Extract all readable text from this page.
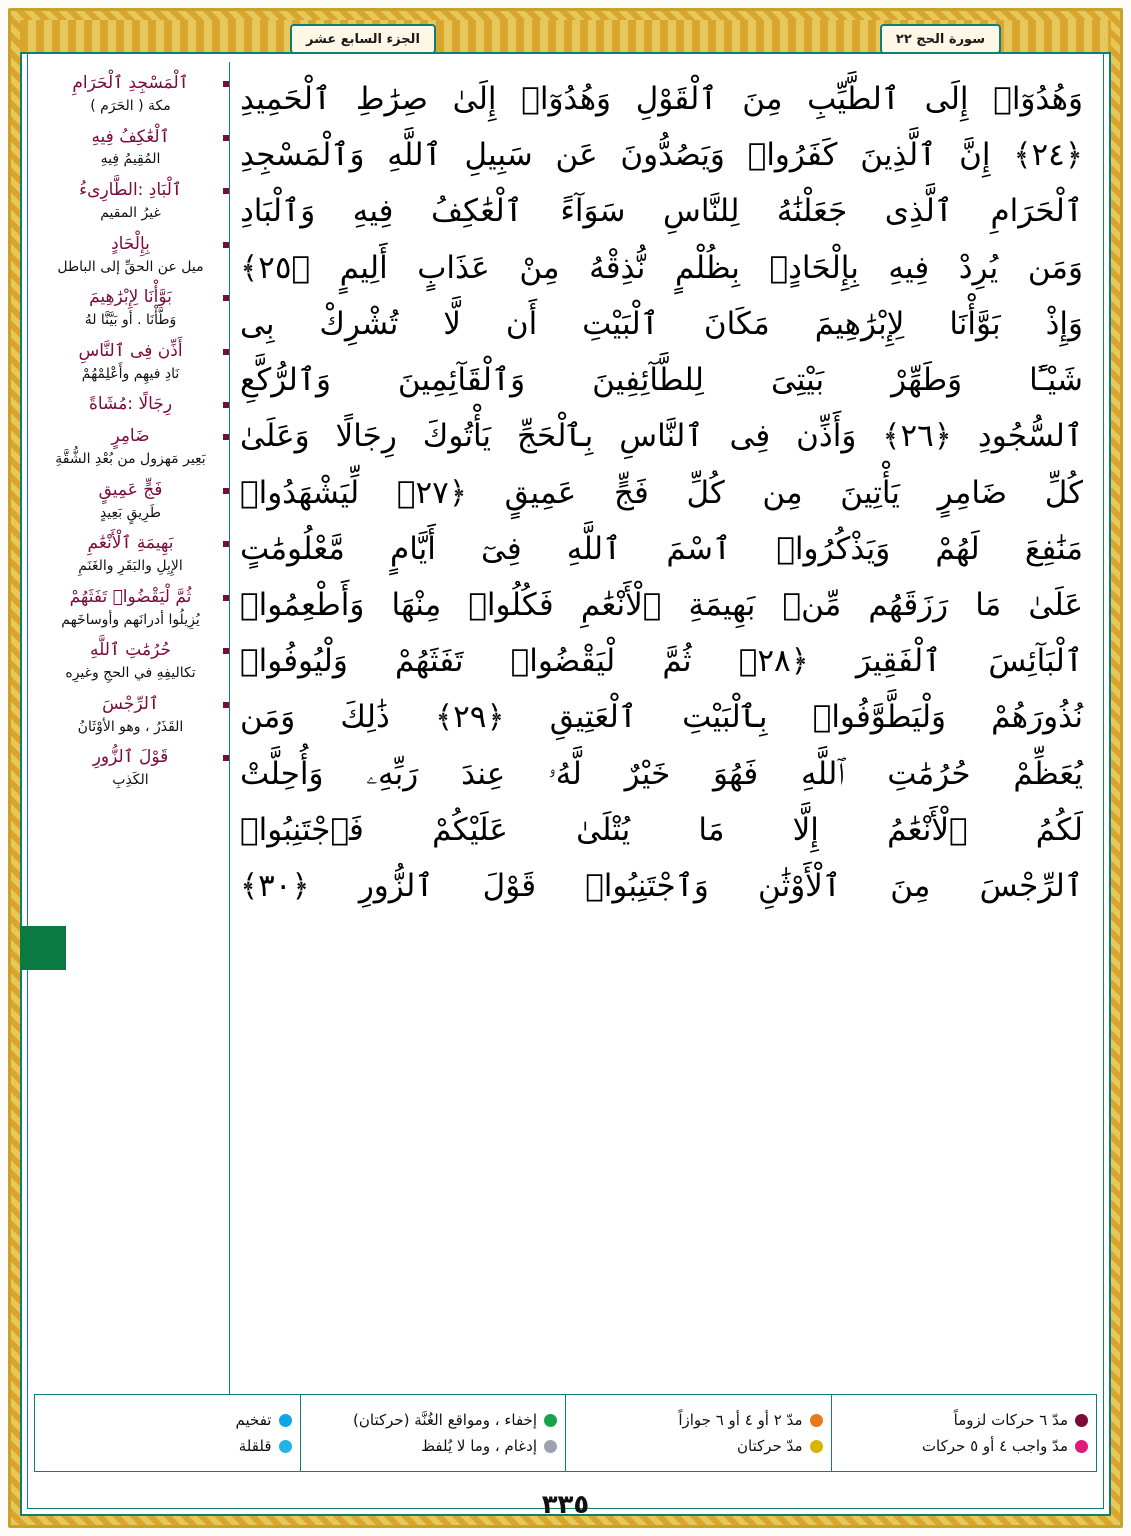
سورة الحج ٢٢
الجزء السابع عشر
وَهُدُوٓا۟ إِلَى ٱلطَّيِّبِ مِنَ ٱلْقَوْلِ وَهُدُوٓا۟ إِلَىٰ صِرَٰطِ ٱلْحَمِيدِ
﴿٢٤﴾ إِنَّ ٱلَّذِينَ كَفَرُوا۟ وَيَصُدُّونَ عَن سَبِيلِ ٱللَّهِ وَٱلْمَسْجِدِ
ٱلْحَرَامِ ٱلَّذِى جَعَلْنَٰهُ لِلنَّاسِ سَوَآءً ٱلْعَٰكِفُ فِيهِ وَٱلْبَادِ
وَمَن يُرِدْ فِيهِ بِإِلْحَادٍۭ بِظُلْمٍ نُّذِقْهُ مِنْ عَذَابٍ أَلِيمٍ ﴿٢٥﴾
وَإِذْ بَوَّأْنَا لِإِبْرَٰهِيمَ مَكَانَ ٱلْبَيْتِ أَن لَّا تُشْرِكْ بِى
شَيْـًٔا وَطَهِّرْ بَيْتِىَ لِلطَّآئِفِينَ وَٱلْقَآئِمِينَ وَٱلرُّكَّعِ
ٱلسُّجُودِ ﴿٢٦﴾ وَأَذِّن فِى ٱلنَّاسِ بِٱلْحَجِّ يَأْتُوكَ رِجَالًا وَعَلَىٰ
كُلِّ ضَامِرٍ يَأْتِينَ مِن كُلِّ فَجٍّ عَمِيقٍ ﴿٢٧﴾ لِّيَشْهَدُوا۟
مَنَٰفِعَ لَهُمْ وَيَذْكُرُوا۟ ٱسْمَ ٱللَّهِ فِىٓ أَيَّامٍ مَّعْلُومَٰتٍ
عَلَىٰ مَا رَزَقَهُم مِّنۢ بَهِيمَةِ ٱلْأَنْعَٰمِ فَكُلُوا۟ مِنْهَا وَأَطْعِمُوا۟
ٱلْبَآئِسَ ٱلْفَقِيرَ ﴿٢٨﴾ ثُمَّ لْيَقْضُوا۟ تَفَثَهُمْ وَلْيُوفُوا۟
نُذُورَهُمْ وَلْيَطَّوَّفُوا۟ بِٱلْبَيْتِ ٱلْعَتِيقِ ﴿٢٩﴾ ذَٰلِكَ وَمَن
يُعَظِّمْ حُرُمَٰتِ ٱللَّهِ فَهُوَ خَيْرٌ لَّهُۥ عِندَ رَبِّهِۦ وَأُحِلَّتْ
لَكُمُ ٱلْأَنْعَٰمُ إِلَّا مَا يُتْلَىٰ عَلَيْكُمْ فَٱجْتَنِبُوا۟
ٱلرِّجْسَ مِنَ ٱلْأَوْثَٰنِ وَٱجْتَنِبُوا۟ قَوْلَ ٱلزُّورِ ﴿٣٠﴾
ٱلْمَسْجِدِ ٱلْحَرَامِ
مكة ( الحَرَم )
ٱلْعَٰكِفُ فِيهِ
المُقِيمُ فِيهِ
ٱلْبَادِ :الطَّارِىءُ
غيرُ المقيم
بِإِلْحَادٍ
ميل عن الحقِّ إلى الباطل
بَوَّأْنَا لِإِبْرَٰهِيمَ
وَطَّأْنَا . أو بَيَّنَّا لهُ
أَذِّن فِى ٱلنَّاسِ
نَادِ فيهِم وأَعْلِمْهُمْ
رِجَالًا :مُشَاةً
ضَامِرٍ
بَعِير مَهزول من بُعْدِ الشُّقَّةِ
فَجٍّ عَمِيقٍ
طَرِيقٍ بَعِيدٍ
بَهِيمَةِ ٱلْأَنْعَٰمِ
الإِبِلِ والبَقَرِ والغَنَمِ
ثُمَّ لْيَقْضُوا۟ تَفَثَهُمْ
يُزِيلُوا أدرانَهم وأوساخَهم
حُرُمَٰتِ ٱللَّهِ
تكاليفِهِ في الحجِ وغيرِه
ٱلرِّجْسَ
القَذَرُ ، وهو الأوْثَانُ
قَوْلَ ٱلزُّورِ
الكَذِبِ
مدّ ٦ حركات لزوماً
مدّ واجب ٤ أو ٥ حركات
مدّ ٢ أو ٤ أو ٦ جوازاً
مدّ حركتان
إخفاء ، ومواقع الغُنَّة (حركتان)
إدغام ، وما لا يُلفظ
تفخيم
قلقلة
٣٣٥
